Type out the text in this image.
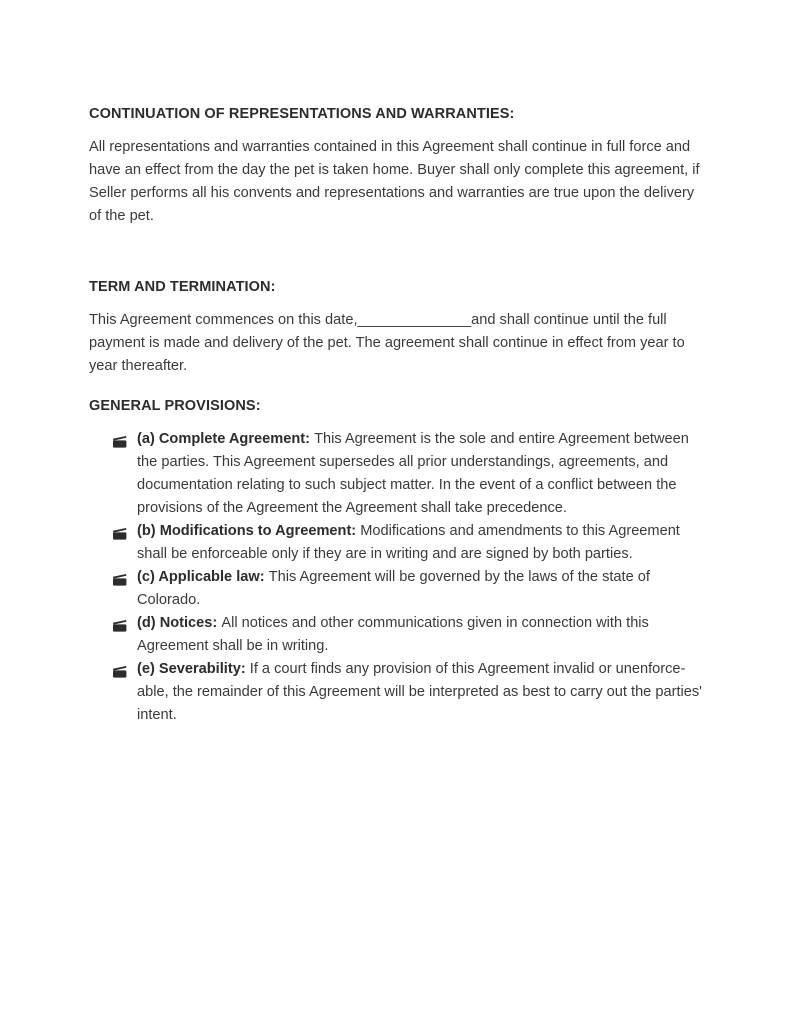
CONTINUATION OF REPRESENTATIONS AND WARRANTIES:

All representations and warranties contained in this Agreement shall continue in full force and have an effect from the day the pet is taken home. Buyer shall only complete this agreement, if Seller performs all his convents and representations and warranties are true upon the delivery of the pet.

TERM AND TERMINATION:

This Agreement commences on this date,______________and shall continue until the full payment is made and delivery of the pet. The agreement shall continue in effect from year to year thereafter.

GENERAL PROVISIONS:
(a) Complete Agreement: This Agreement is the sole and entire Agreement between the parties. This Agreement supersedes all prior understandings, agreements, and documentation relating to such subject matter. In the event of a conflict between the provisions of the Agreement the Agreement shall take precedence.
(b) Modifications to Agreement: Modifications and amendments to this Agreement shall be enforceable only if they are in writing and are signed by both parties.
(c) Applicable law: This Agreement will be governed by the laws of the state of Colorado.
(d) Notices: All notices and other communications given in connection with this Agreement shall be in writing.
(e) Severability: If a court finds any provision of this Agreement invalid or unenforce- able, the remainder of this Agreement will be interpreted as best to carry out the parties' intent.
